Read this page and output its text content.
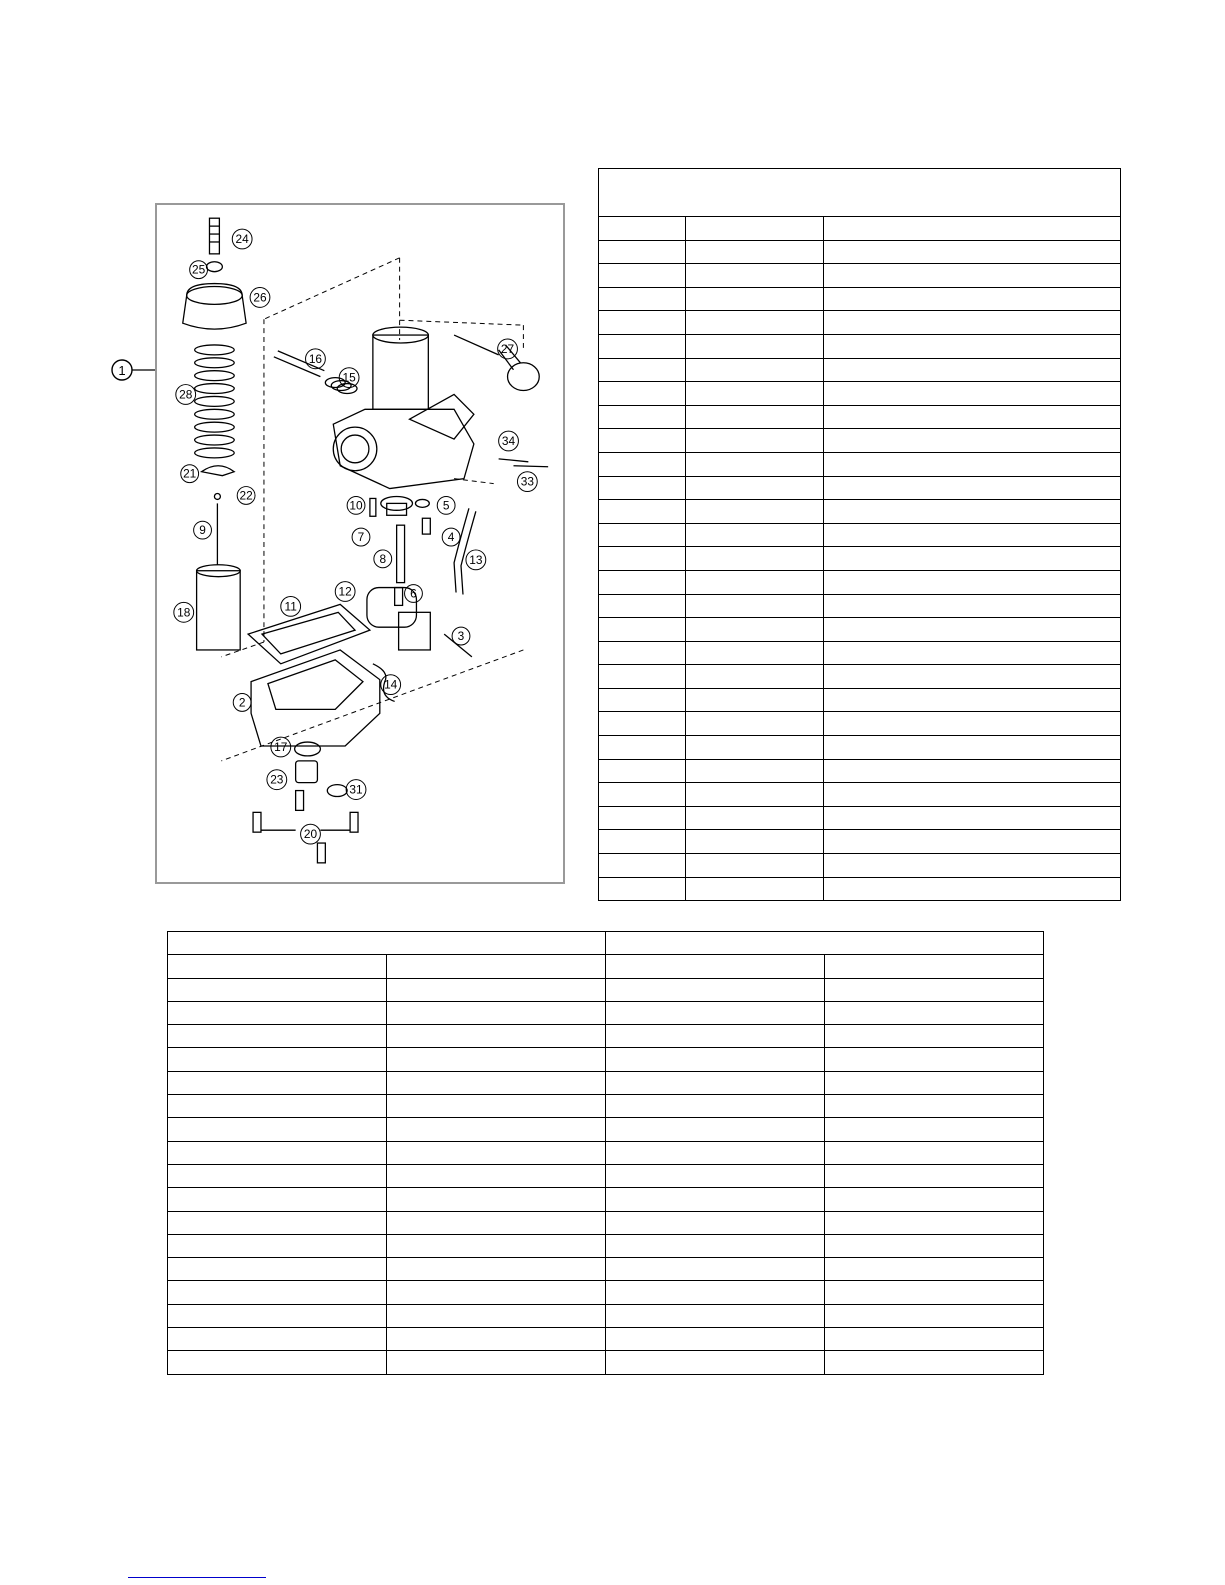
1
24
25
26
28
21
22
9
18
16
15
27
34
33
10	5
7	4
8	13
12	6
11
3
14
2
17
23
31
20
